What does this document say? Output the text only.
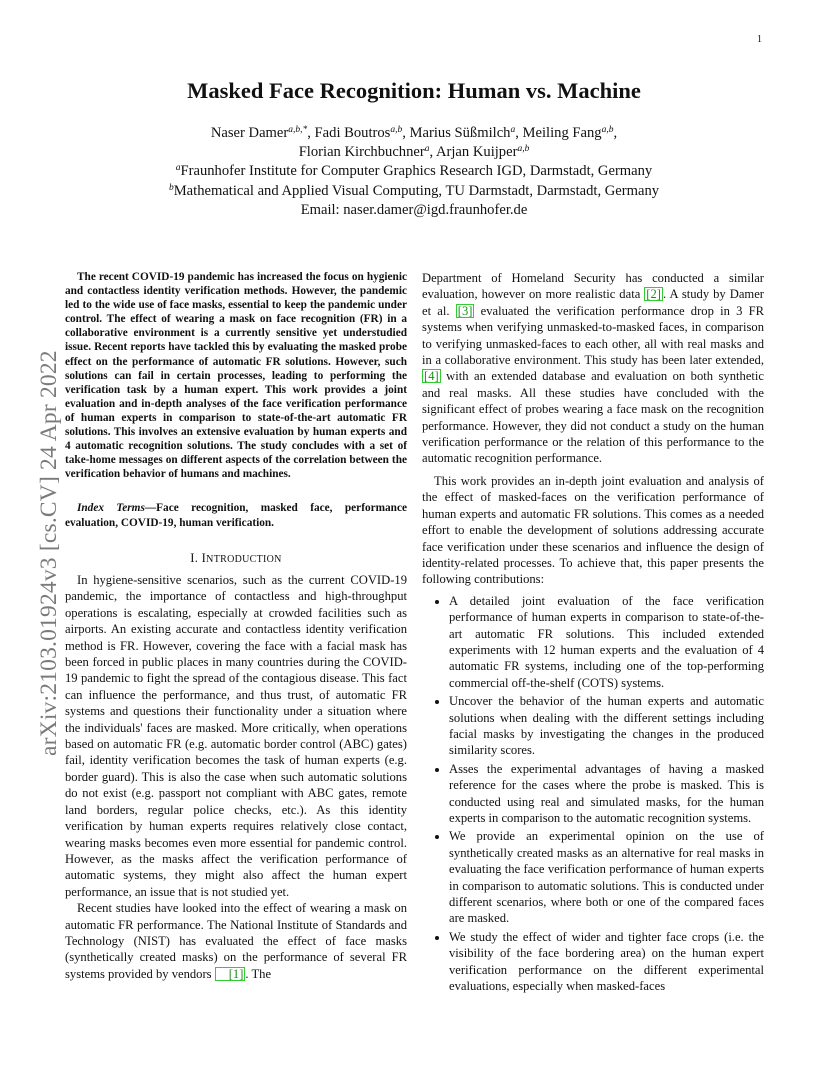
1
arXiv:2103.01924v3 [cs.CV] 24 Apr 2022
Masked Face Recognition: Human vs. Machine
Naser Damer$^{a,b,*}$, Fadi Boutros$^{a,b}$, Marius Süßmilch$^a$, Meiling Fang$^{a,b}$,
Florian Kirchbuchner$^a$, Arjan Kuijper$^{a,b}$
$^a$Fraunhofer Institute for Computer Graphics Research IGD, Darmstadt, Germany
$^b$Mathematical and Applied Visual Computing, TU Darmstadt, Darmstadt, Germany
Email: naser.damer@igd.fraunhofer.de

The recent COVID-19 pandemic has increased the focus on hygienic and contactless identity verification methods. However, the pandemic led to the wide use of face masks, essential to keep the pandemic under control. The effect of wearing a mask on face recognition (FR) in a collaborative environment is a currently sensitive yet understudied issue. Recent reports have tackled this by evaluating the masked probe effect on the performance of automatic FR solutions. However, such solutions can fail in certain processes, leading to performing the verification task by a human expert. This work provides a joint evaluation and in-depth analyses of the face verification performance of human experts in comparison to state-of-the-art automatic FR solutions. This involves an extensive evaluation by human experts and 4 automatic recognition solutions. The study concludes with a set of take-home messages on different aspects of the correlation between the verification behavior of humans and machines.

Index Terms—Face recognition, masked face, performance evaluation, COVID-19, human verification.

I. INTRODUCTION

In hygiene-sensitive scenarios, such as the current COVID-19 pandemic, the importance of contactless and high-throughput operations is escalating, especially at crowded facilities such as airports. An existing accurate and contactless identity verification method is FR. However, covering the face with a facial mask has been forced in public places in many countries during the COVID-19 pandemic to fight the spread of the contagious disease. This fact can influence the performance, and thus trust, of automatic FR systems and questions their functionality under a situation where the individuals' faces are masked. More critically, when operations based on automatic FR (e.g. automatic border control (ABC) gates) fail, identity verification becomes the task of human experts (e.g. border guard). This is also the case when such automatic solutions do not exist (e.g. passport not compliant with ABC gates, remote land borders, regular police checks, etc.). As this identity verification by human experts requires relatively close contact, wearing masks becomes even more essential for pandemic control. However, as the masks affect the verification performance of automatic systems, they might also affect the human expert performance, an issue that is not studied yet.

Recent studies have looked into the effect of wearing a mask on automatic FR performance. The National Institute of Standards and Technology (NIST) has evaluated the effect of face masks (synthetically created masks) on the performance of several FR systems provided by vendors [1] . The

Department of Homeland Security has conducted a similar evaluation, however on more realistic data [2] . A study by Damer et al. [3] evaluated the verification performance drop in 3 FR systems when verifying unmasked-to-masked faces, in comparison to verifying unmasked-faces to each other, all with real masks and in a collaborative environment. This study has been later extended, [4] with an extended database and evaluation on both synthetic and real masks. All these studies have concluded with the significant effect of probes wearing a face mask on the recognition performance. However, they did not conduct a study on the human verification performance or the relation of this performance to the automatic recognition performance.

This work provides an in-depth joint evaluation and analysis of the effect of masked-faces on the verification performance of human experts and automatic FR solutions. This comes as a needed effort to enable the development of solutions addressing accurate face verification under these scenarios and influence the design of identity-related processes. To achieve that, this paper presents the following contributions:

• A detailed joint evaluation of the face verification performance of human experts in comparison to state-of-the-art automatic FR solutions. This included extended experiments with 12 human experts and the evaluation of 4 automatic FR systems, including one of the top-performing commercial off-the-shelf (COTS) systems.
• Uncover the behavior of the human experts and automatic solutions when dealing with the different settings including facial masks by investigating the changes in the produced similarity scores.
• Asses the experimental advantages of having a masked reference for the cases where the probe is masked. This is conducted using real and simulated masks, for the human experts in comparison to the automatic recognition systems.
• We provide an experimental opinion on the use of synthetically created masks as an alternative for real masks in evaluating the face verification performance of human experts in comparison to automatic solutions. This is conducted under different scenarios, where both or one of the compared faces are masked.
• We study the effect of wider and tighter face crops (i.e. the visibility of the face bordering area) on the human expert verification performance on the different experimental evaluations, especially when masked-faces
